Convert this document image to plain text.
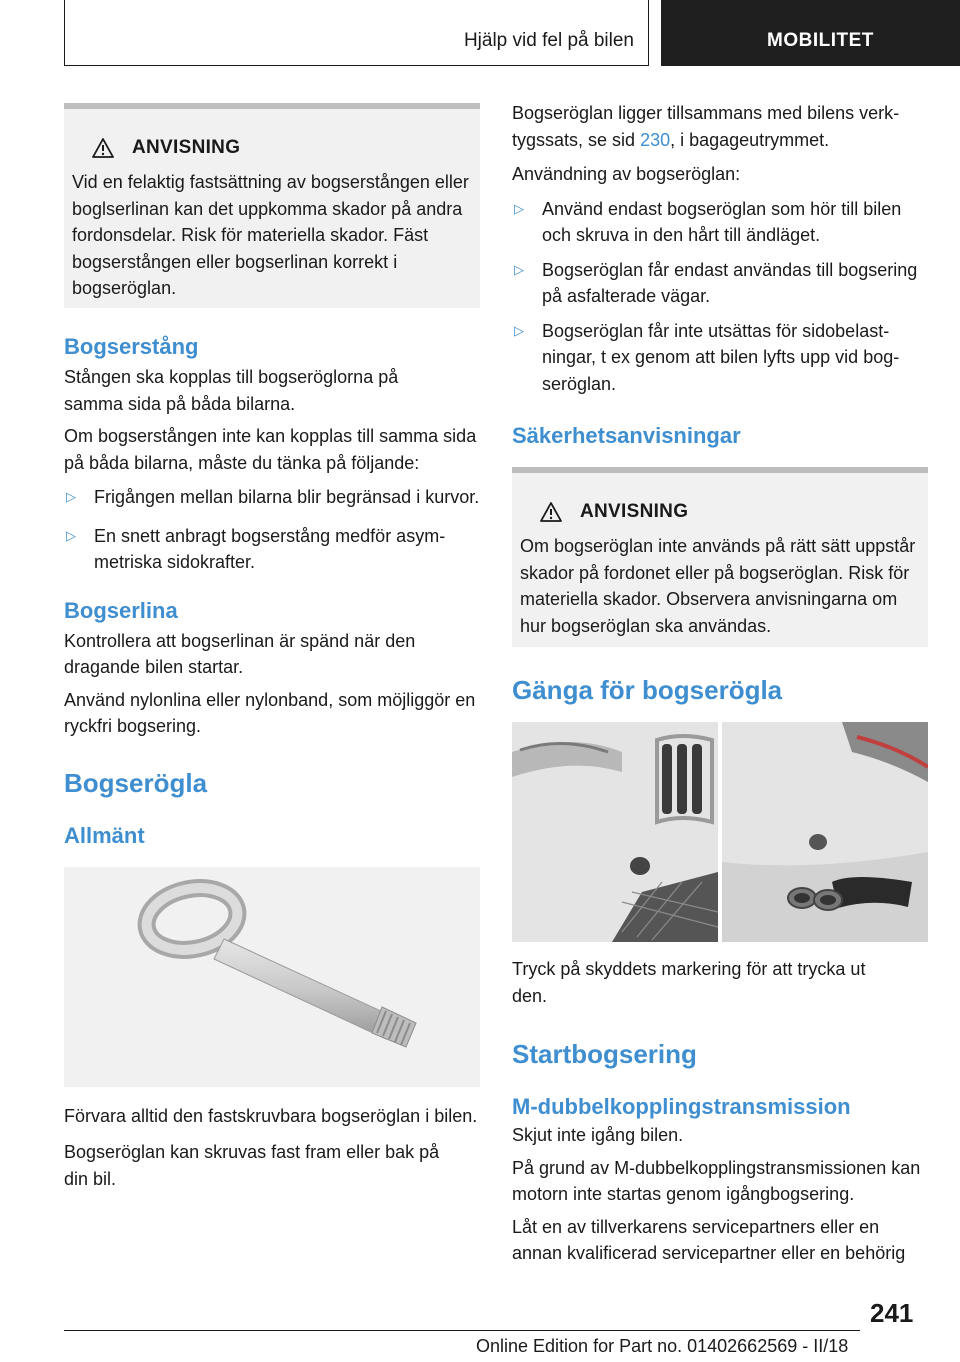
Hjälp vid fel på bilen	MOBILITET
ANVISNING

Vid en felaktig fastsättning av bogserstången eller boglserlinan kan det uppkomma skador på andra fordonsdelar. Risk för materiella skador. Fäst bogserstången eller bogserlinan korrekt i bogseröglan.

Bogserstång

Stången ska kopplas till bogseröglorna på samma sida på båda bilarna.

Om bogserstången inte kan kopplas till samma sida på båda bilarna, måste du tänka på följande:

▷ Frigången mellan bilarna blir begränsad i kurvor.
▷ En snett anbragt bogserstång medför asymmetriska sidokrafter.
Bogserlina

Kontrollera att bogserlinan är spänd när den dragande bilen startar.

Använd nylonlina eller nylonband, som möjliggör en ryckfri bogsering.

Bogserögla
Allmänt

Förvara alltid den fastskruvbara bogseröglan i bilen.

Bogseröglan kan skruvas fast fram eller bak på din bil.

Bogseröglan ligger tillsammans med bilens verktygssats, se sid 230, i bagageutrymmet.

Användning av bogseröglan:

▷ Använd endast bogseröglan som hör till bilen och skruva in den hårt till ändläget.
▷ Bogseröglan får endast användas till bogsering på asfalterade vägar.
▷ Bogseröglan får inte utsättas för sidobelastningar, t ex genom att bilen lyfts upp vid bogseröglan.
Säkerhetsanvisningar
ANVISNING

Om bogseröglan inte används på rätt sätt uppstår skador på fordonet eller på bogseröglan. Risk för materiella skador. Observera anvisningarna om hur bogseröglan ska användas.

Gänga för bogserögla

Tryck på skyddets markering för att trycka ut den.

Startbogsering
M-dubbelkopplingstransmission

Skjut inte igång bilen.

På grund av M-dubbelkopplingstransmissionen kan motorn inte startas genom igångbogsering.

Låt en av tillverkarens servicepartners eller en annan kvalificerad servicepartner eller en behörig

241
Online Edition for Part no. 01402662569 - II/18
